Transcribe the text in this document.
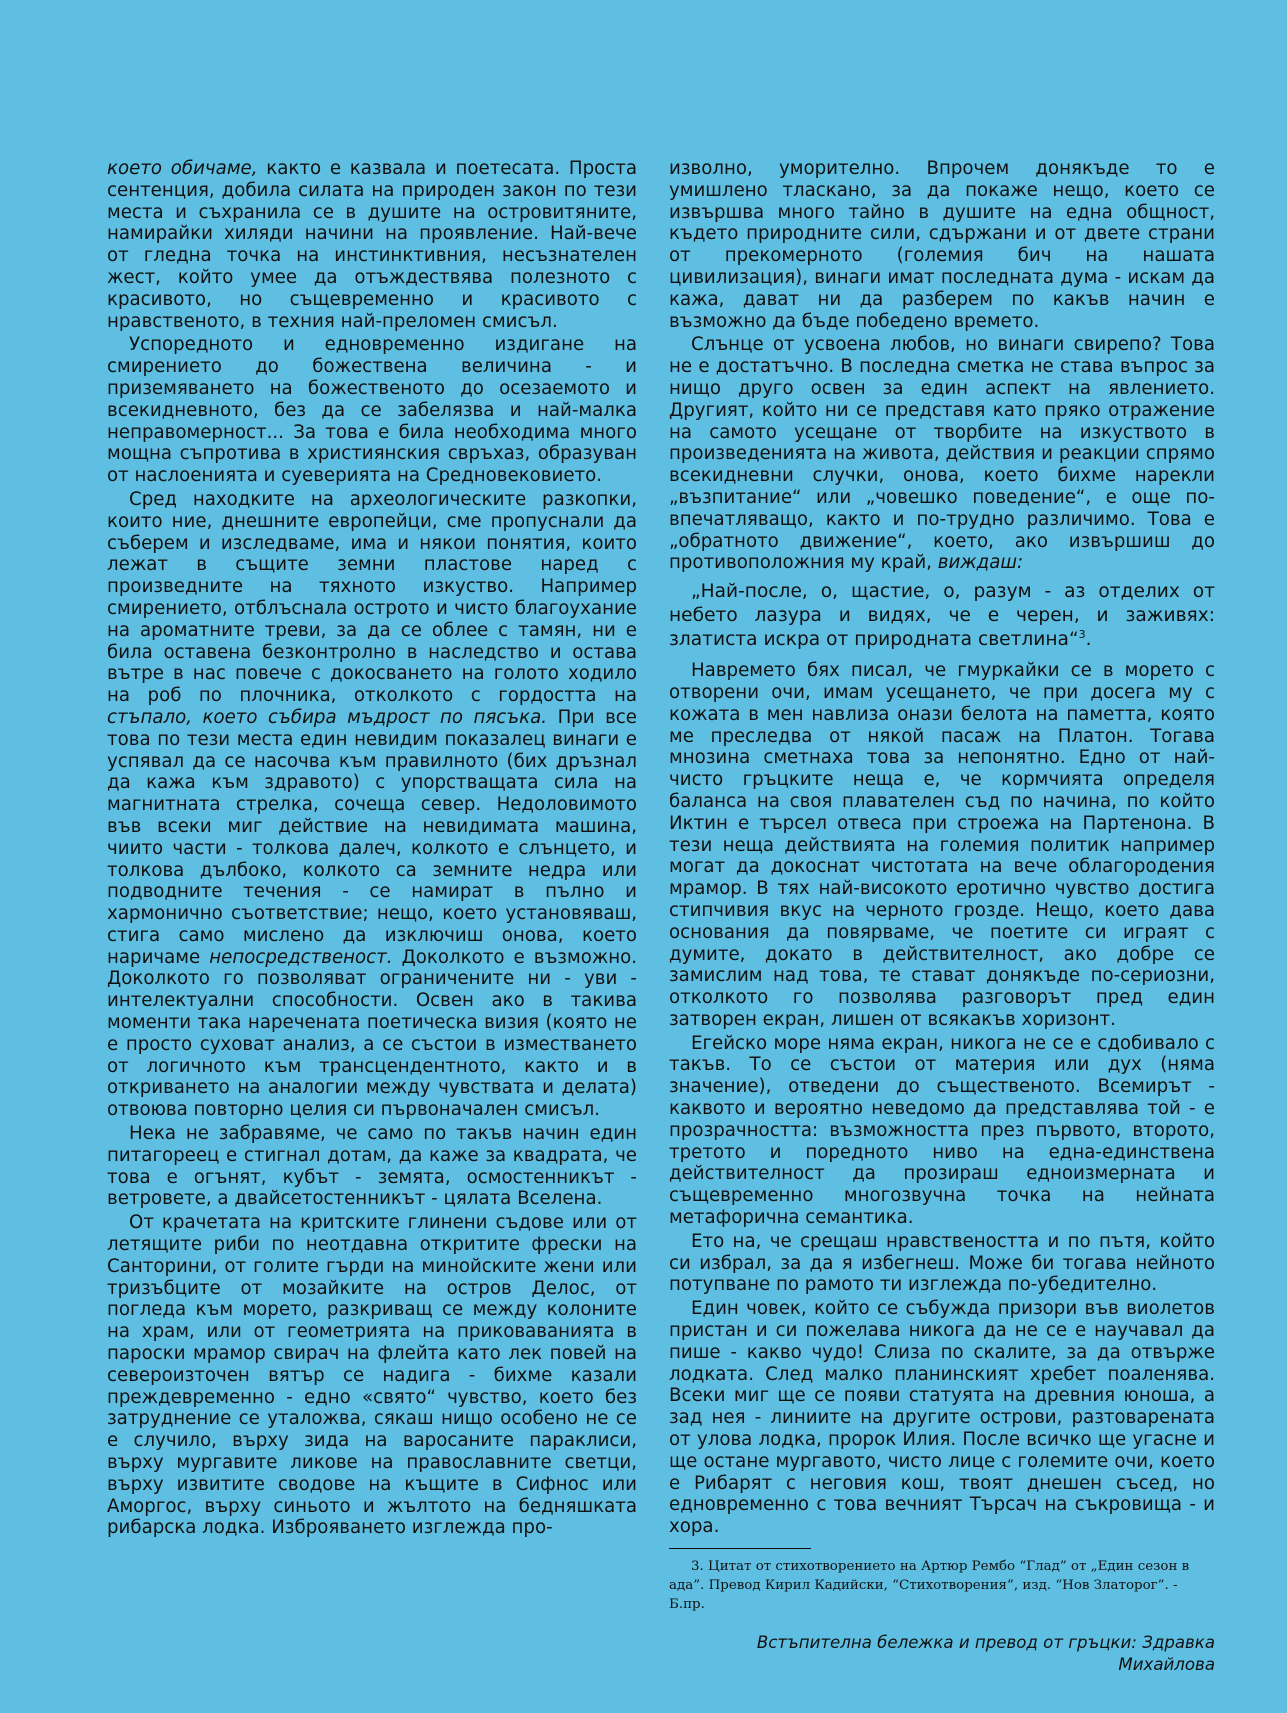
което обичаме, както е казвала и поетесата. Проста сентенция, добила силата на природен закон по тези места и съхранила се в душите на островитяните, намирайки хиляди начини на проявление. Най-вече от гледна точка на инстинктивния, несъзнателен жест, който умее да отъждествява полезното с красивото, но същевременно и красивото с нравственото, в техния най-преломен смисъл.

Успоредното и едновременно издигане на смирението до божествена величина - и приземяването на божественото до осезаемото и всекидневното, без да се забелязва и най-малка неправомерност... За това е била необходима много мощна съпротива в християнския свръхаз, образуван от наслоенията и суеверията на Средновековието.

Сред находките на археологическите разкопки, които ние, днешните европейци, сме пропуснали да съберем и изследваме, има и някои понятия, които лежат в същите земни пластове наред с произведните на тяхното изкуство. Например смирението, отблъснала острото и чисто благоухание на ароматните треви, за да се облее с тамян, ни е била оставена безконтролно в наследство и остава вътре в нас повече с докосването на голото ходило на роб по плочника, отколкото с гордостта на стъпало, което събира мъдрост по пясъка. При все това по тези места един невидим показалец винаги е успявал да се насочва към правилното (бих дръзнал да кажа към здравото) с упорстващата сила на магнитната стрелка, сочеща север. Недоловимото във всеки миг действие на невидимата машина, чиито части - толкова далеч, колкото е слънцето, и толкова дълбоко, колкото са земните недра или подводните течения - се намират в пълно и хармонично съответствие; нещо, което установяваш, стига само мислено да изключиш онова, което наричаме непосредственост. Доколкото е възможно. Доколкото го позволяват ограничените ни - уви - интелектуални способности. Освен ако в такива моменти така наречената поетическа визия (която не е просто суховат анализ, а се състои в изместването от логичното към трансцендентното, както и в откриването на аналогии между чувствата и делата) отвоюва повторно целия си първоначален смисъл.

Нека не забравяме, че само по такъв начин един питагореец е стигнал дотам, да каже за квадрата, че това е огънят, кубът - земята, осмостенникът - ветровете, а двайсетостенникът - цялата Вселена.

От крачетата на критските глинени съдове или от летящите риби по неотдавна откритите фрески на Санторини, от голите гърди на минойските жени или тризъбците от мозайките на остров Делос, от погледа към морето, разкриващ се между колоните на храм, или от геометрията на приковаванията в пароски мрамор свирач на флейта като лек повей на североизточен вятър се надига - бихме казали преждевременно - едно «свято“ чувство, което без затруднение се уталожва, сякаш нищо особено не се е случило, върху зида на варосаните параклиси, върху мургавите ликове на православните светци, върху извитите сводове на къщите в Сифнос или Аморгос, върху синьото и жълтото на бедняшката рибарска лодка. Изброяването изглежда про-

изволно, уморително. Впрочем донякъде то е умишлено тласкано, за да покаже нещо, което се извършва много тайно в душите на една общност, където природните сили, сдържани и от двете страни от прекомерното (големия бич на нашата цивилизация), винаги имат последната дума - искам да кажа, дават ни да разберем по какъв начин е възможно да бъде победено времето.

Слънце от усвоена любов, но винаги свирепо? Това не е достатъчно. В последна сметка не става въпрос за нищо друго освен за един аспект на явлението. Другият, който ни се представя като пряко отражение на самото усещане от творбите на изкуството в произведенията на живота, действия и реакции спрямо всекидневни случки, онова, което бихме нарекли „възпитание“ или „човешко поведение“, е още по-впечатляващо, както и по-трудно различимо. Това е „обратното движение“, което, ако извършиш до противоположния му край, виждаш:

„Най-после, о, щастие, о, разум - аз отделих от небето лазура и видях, че е черен, и заживях: златиста искра от природната светлина“$^3$.

Навремето бях писал, че гмуркайки се в морето с отворени очи, имам усещането, че при досега му с кожата в мен навлиза онази белота на паметта, която ме преследва от някой пасаж на Платон. Тогава мнозина сметнаха това за непонятно. Едно от най-чисто гръцките неща е, че кормчията определя баланса на своя плавателен съд по начина, по който Иктин е търсел отвеса при строежа на Партенона. В тези неща действията на големия политик например могат да докоснат чистотата на вече облагородения мрамор. В тях най-високото еротично чувство достига стипчивия вкус на черното грозде. Нещо, което дава основания да повярваме, че поетите си играят с думите, докато в действителност, ако добре се замислим над това, те стават донякъде по-сериозни, отколкото го позволява разговорът пред един затворен екран, лишен от всякакъв хоризонт.

Егейско море няма екран, никога не се е сдобивало с такъв. То се състои от материя или дух (няма значение), отведени до същественото. Всемирът - каквото и вероятно неведомо да представлява той - е прозрачността: възможността през първото, второто, третото и поредното ниво на една-единствена действителност да прозираш едноизмерната и същевременно многозвучна точка на нейната метафорична семантика.

Ето на, че срещаш нравствеността и по пътя, който си избрал, за да я избегнеш. Може би тогава нейното потупване по рамото ти изглежда по-убедително.

Един човек, който се събужда призори във виолетов пристан и си пожелава никога да не се е научавал да пише - какво чудо! Слиза по скалите, за да отвърже лодката. След малко планинският хребет поаленява. Всеки миг ще се появи статуята на древния юноша, а зад нея - линиите на другите острови, разтоварената от улова лодка, пророк Илия. После всичко ще угасне и ще остане мургавото, чисто лице с големите очи, което е Рибарят с неговия кош, твоят днешен съсед, но едновременно с това вечният Търсач на съкровища - и хора.

3. Цитат от стихотворението на Артюр Рембо “Глад” от „Един сезон в ада”. Превод Кирил Кадийски, “Стихотворения”, изд. “Нов Златорог”. - Б.пр.

Встъпителна бележка и превод от гръцки: Здравка Михайлова
